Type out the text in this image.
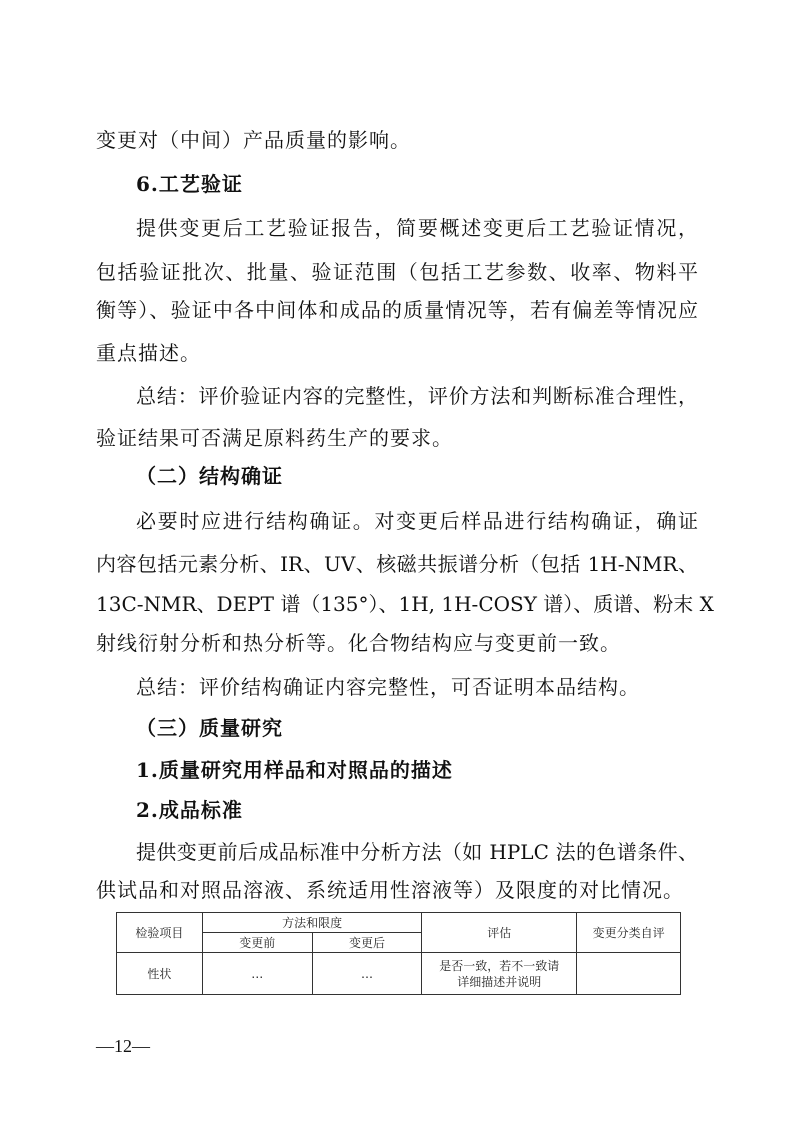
变更对（中间）产品质量的影响。
6.工艺验证
提供变更后工艺验证报告，简要概述变更后工艺验证情况，
包括验证批次、批量、验证范围（包括工艺参数、收率、物料平
衡等）、验证中各中间体和成品的质量情况等，若有偏差等情况应
重点描述。
总结：评价验证内容的完整性，评价方法和判断标准合理性，
验证结果可否满足原料药生产的要求。
（二）结构确证
必要时应进行结构确证。对变更后样品进行结构确证，确证
内容包括元素分析、IR、UV、核磁共振谱分析（包括 1H-NMR、
13C-NMR、DEPT 谱（135°）、1H, 1H-COSY 谱）、质谱、粉末 X
射线衍射分析和热分析等。化合物结构应与变更前一致。
总结：评价结构确证内容完整性，可否证明本品结构。
（三）质量研究
1.质量研究用样品和对照品的描述
2.成品标准
提供变更前后成品标准中分析方法（如 HPLC 法的色谱条件、
供试品和对照品溶液、系统适用性溶液等）及限度的对比情况。
检验项目	方法和限度		评估	变更分类自评
	变更前	变更后		
性状	…	…	是否一致，若不一致请
详细描述并说明	

—12—
